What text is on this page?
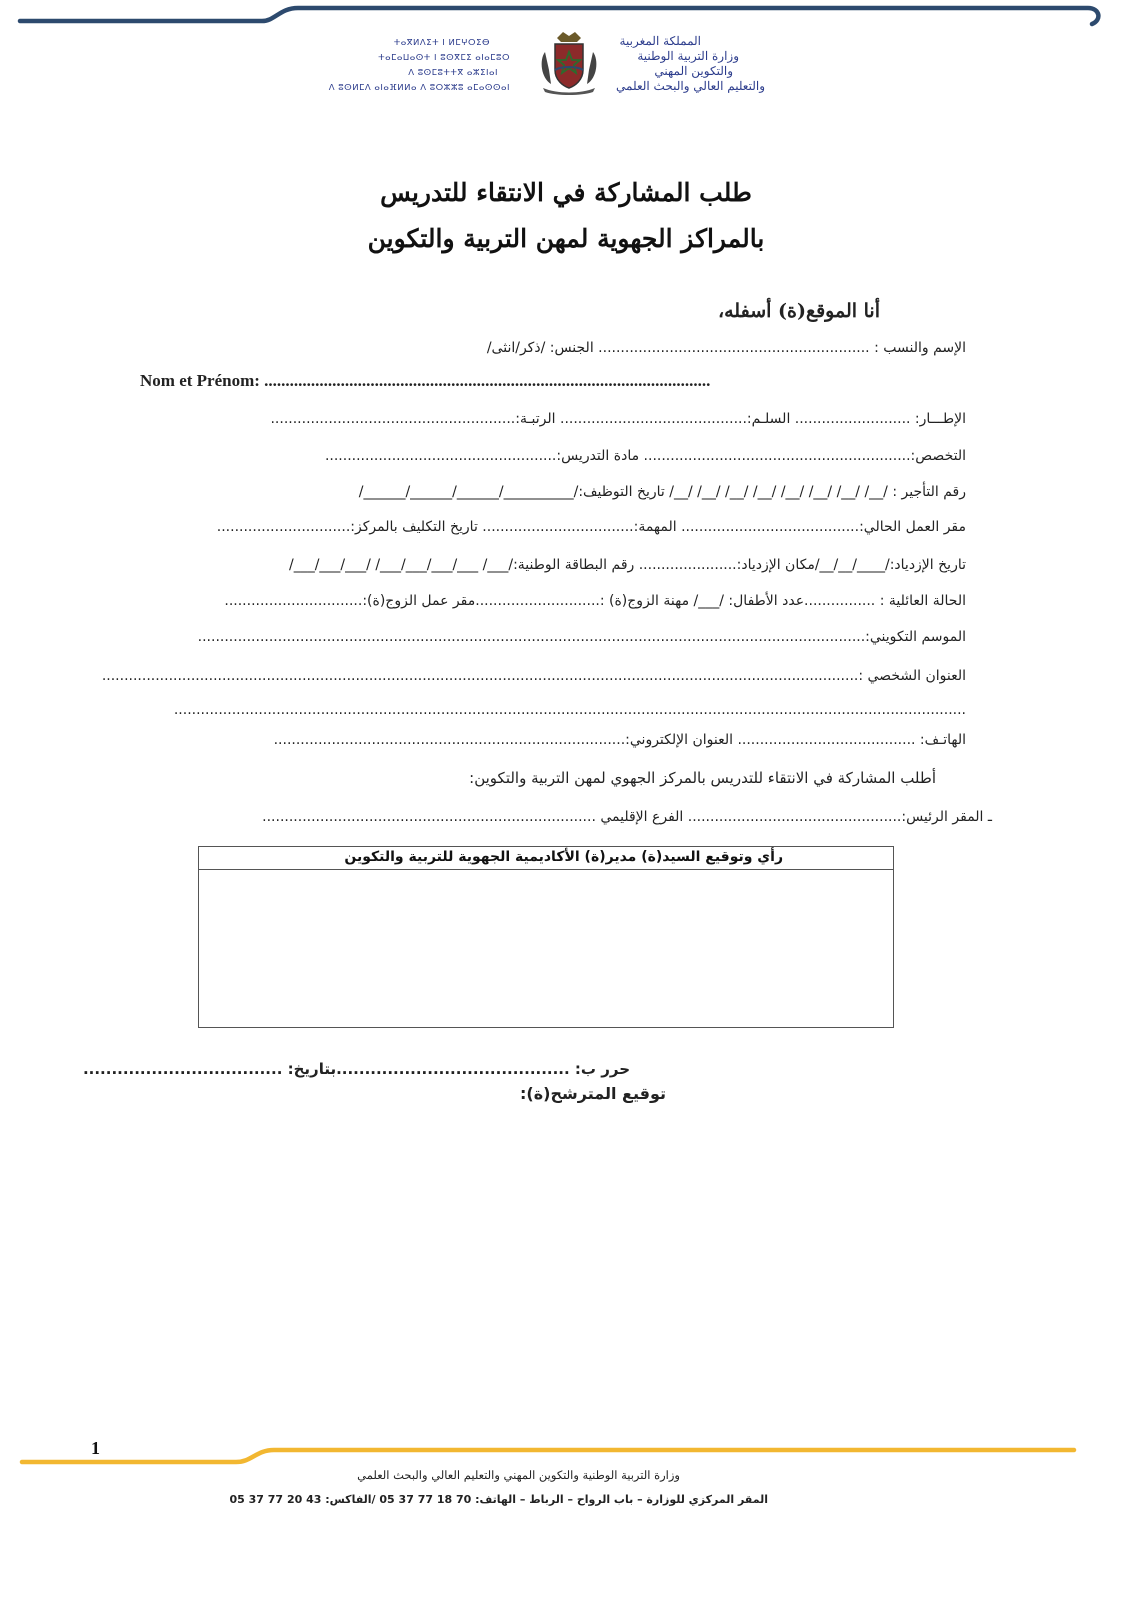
ⵜⴰⴳⵍⴷⵉⵜ ⵏ ⵍⵎⵖⵔⵉⴱ
ⵜⴰⵎⴰⵡⴰⵙⵜ ⵏ ⵓⵙⴳⵎⵉ ⴰⵏⴰⵎⵓⵔ
ⴷ ⵓⵙⵎⵓⵜⵜⴳ ⴰⵣⵉⵏⴰⵏ
ⴷ ⵓⵙⵍⵎⴷ ⴰⵏⴰⴼⵍⵍⴰ ⴷ ⵓⵔⵣⵣⵓ ⴰⵎⴰⵙⵙⴰⵏ
المملكة المغربية
وزارة التربية الوطنية
والتكوين المهني
والتعليم العالي والبحث العلمي
طلب المشاركة في الانتقاء للتدريس
بالمراكز الجهوية لمهن التربية والتكوين
أنا الموقع(ة) أسفله،
الإسم والنسب : ............................................................. الجنس: /ذكر/انثى/
Nom et Prénom: .........................................................................................................
الإطـــار: .......................... السلـم:.......................................... الرتبـة:.......................................................
التخصص:............................................................ مادة التدريس:....................................................
رقم التأجير : /__/ /__/ /__/ /__/ /__/ /__/ /__/ /__/ تاريخ التوظيف:/__________/______/______/______/
مقر العمل الحالي:........................................ المهمة:.................................. تاريخ التكليف بالمركز:..............................
تاريخ الإزدياد:/____/__/__/مكان الإزدياد:...................... رقم البطاقة الوطنية:/___/ ___/___/___/___/ /___/___/___/
الحالة العائلية : ................عدد الأطفال: /___/ مهنة الزوج(ة) :............................مقر عمل الزوج(ة):...............................
الموسم التكويني:......................................................................................................................................................
العنوان الشخصي :..........................................................................................................................................................................
..................................................................................................................................................................................
الهاتـف: ........................................ العنوان الإلكتروني:...............................................................................
أطلب المشاركة في الانتقاء للتدريس بالمركز الجهوي لمهن التربية والتكوين:
ـ المقر الرئيس:................................................ الفرع الإقليمي ...........................................................................
رأي وتوقيع السيد(ة) مدير(ة) الأكاديمية الجهوية للتربية والتكوين
حرر ب: .........................................بتاريخ: ...................................
توقيع المترشح(ة):
1
وزارة التربية الوطنية والتكوين المهني والتعليم العالي والبحث العلمي
المقر المركزي للوزارة – باب الرواح – الرباط – الهاتف: 70 18 77 37 05 /الفاكس: 43 20 77 37 05
